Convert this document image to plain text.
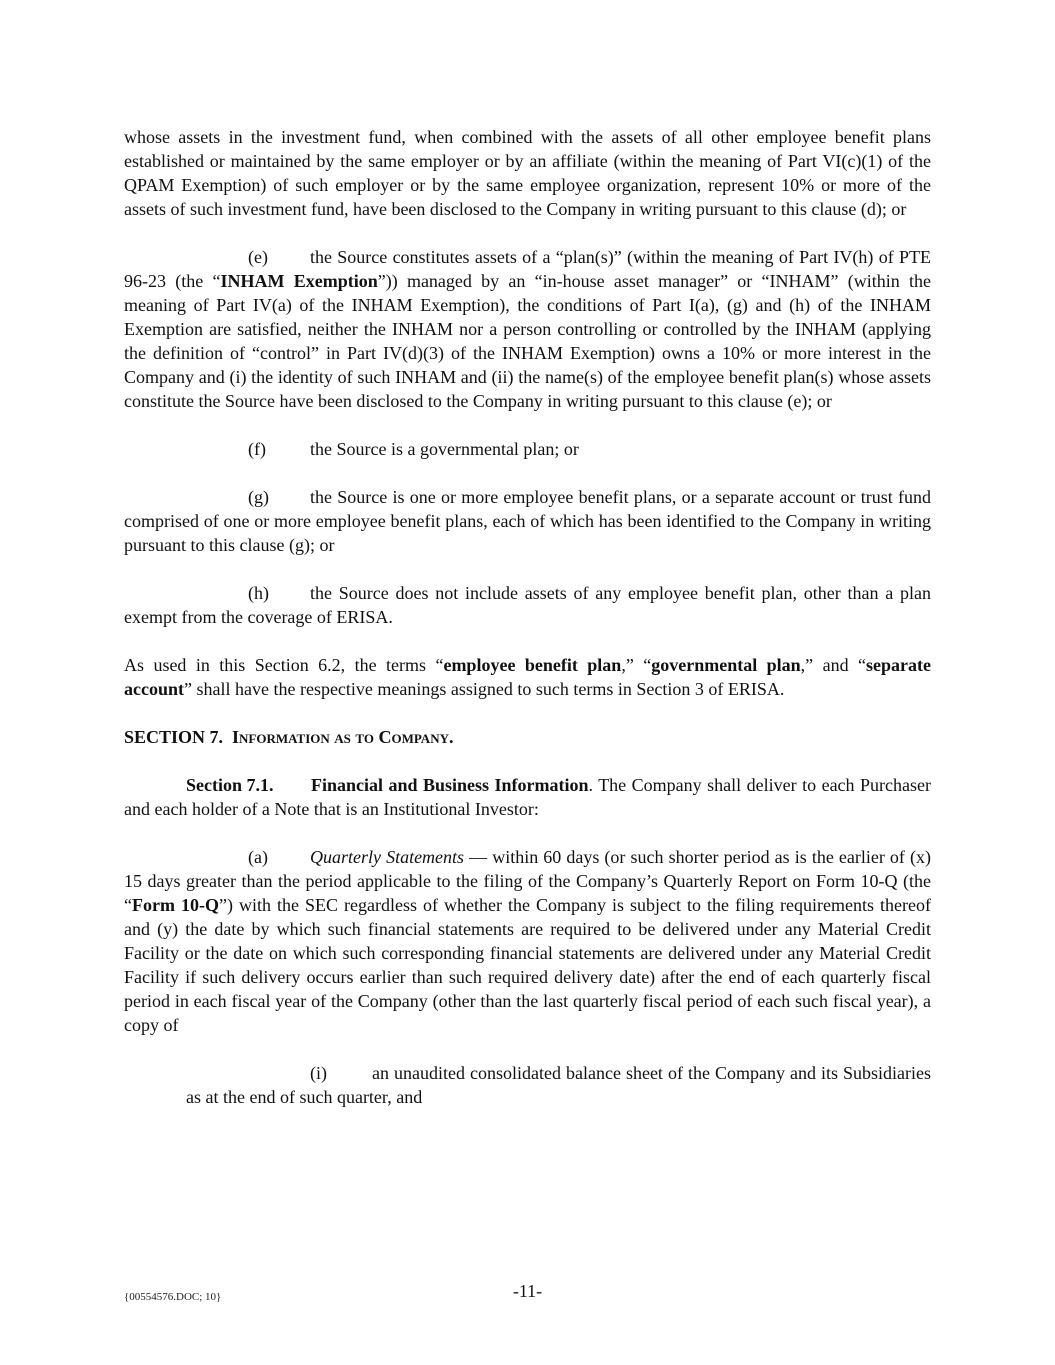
whose assets in the investment fund, when combined with the assets of all other employee benefit plans established or maintained by the same employer or by an affiliate (within the meaning of Part VI(c)(1) of the QPAM Exemption) of such employer or by the same employee organization, represent 10% or more of the assets of such investment fund, have been disclosed to the Company in writing pursuant to this clause (d); or

(e) the Source constitutes assets of a “plan(s)” (within the meaning of Part IV(h) of PTE 96-23 (the “INHAM Exemption”)) managed by an “in-house asset manager” or “INHAM” (within the meaning of Part IV(a) of the INHAM Exemption), the conditions of Part I(a), (g) and (h) of the INHAM Exemption are satisfied, neither the INHAM nor a person controlling or controlled by the INHAM (applying the definition of “control” in Part IV(d)(3) of the INHAM Exemption) owns a 10% or more interest in the Company and (i) the identity of such INHAM and (ii) the name(s) of the employee benefit plan(s) whose assets constitute the Source have been disclosed to the Company in writing pursuant to this clause (e); or

(f) the Source is a governmental plan; or

(g) the Source is one or more employee benefit plans, or a separate account or trust fund comprised of one or more employee benefit plans, each of which has been identified to the Company in writing pursuant to this clause (g); or

(h) the Source does not include assets of any employee benefit plan, other than a plan exempt from the coverage of ERISA.

As used in this Section 6.2, the terms “employee benefit plan,” “governmental plan,” and “separate account” shall have the respective meanings assigned to such terms in Section 3 of ERISA.

SECTION 7. Information as to Company.

Section 7.1. Financial and Business Information. The Company shall deliver to each Purchaser and each holder of a Note that is an Institutional Investor:

(a) Quarterly Statements — within 60 days (or such shorter period as is the earlier of (x) 15 days greater than the period applicable to the filing of the Company’s Quarterly Report on Form 10-Q (the “Form 10-Q”) with the SEC regardless of whether the Company is subject to the filing requirements thereof and (y) the date by which such financial statements are required to be delivered under any Material Credit Facility or the date on which such corresponding financial statements are delivered under any Material Credit Facility if such delivery occurs earlier than such required delivery date) after the end of each quarterly fiscal period in each fiscal year of the Company (other than the last quarterly fiscal period of each such fiscal year), a copy of

(i)	an unaudited consolidated balance sheet of the Company and its Subsidiaries as at the end of such quarter, and

{00554576.DOC; 10}	-11-
